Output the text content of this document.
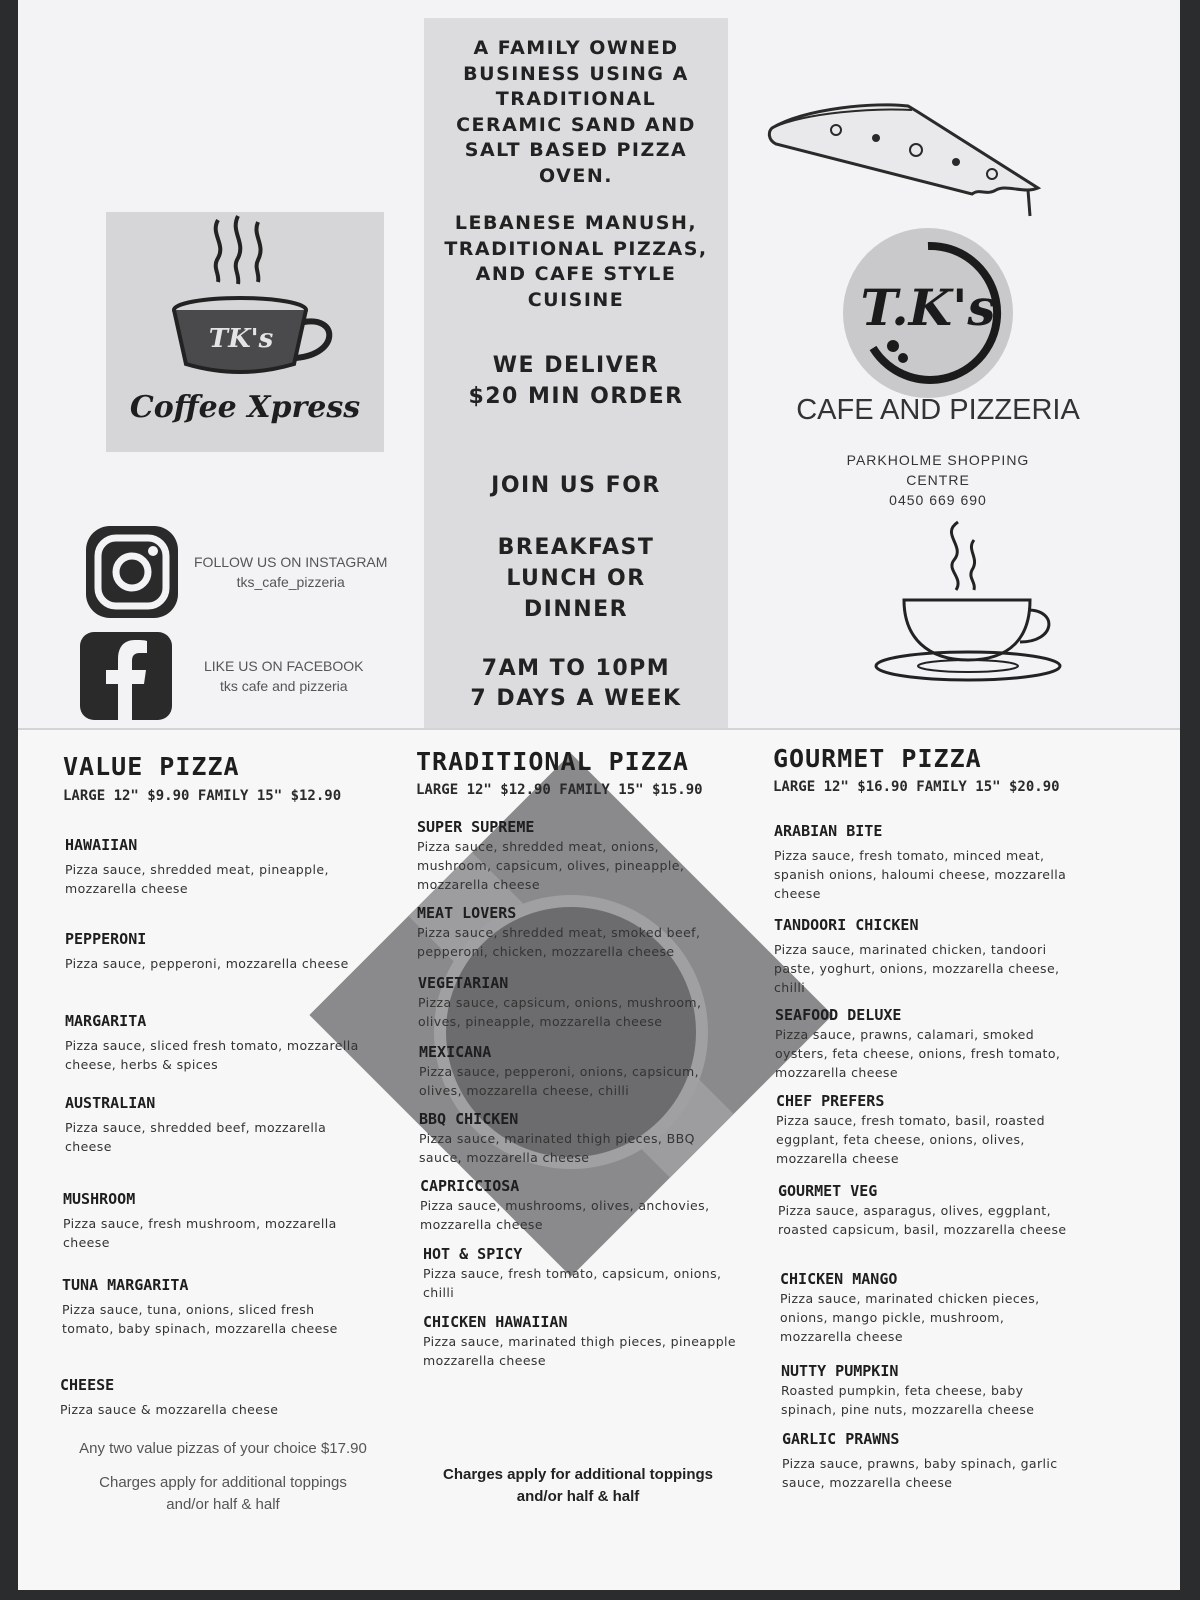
TK's
Coffee Xpress
FOLLOW US ON INSTAGRAM
tks_cafe_pizzeria
LIKE US ON FACEBOOK
tks cafe and pizzeria
A FAMILY OWNED
BUSINESS USING A
TRADITIONAL
CERAMIC SAND AND
SALT BASED PIZZA
OVEN.
LEBANESE MANUSH,
TRADITIONAL PIZZAS,
AND CAFE STYLE
CUISINE
WE DELIVER
$20 MIN ORDER
JOIN US FOR
BREAKFAST
LUNCH OR
DINNER
7AM TO 10PM
7 DAYS A WEEK
T.K's
CAFE AND PIZZERIA
PARKHOLME SHOPPING
CENTRE
0450 669 690
VALUE PIZZA
LARGE 12" $9.90 FAMILY 15" $12.90
HAWAIIAN
Pizza sauce, shredded meat, pineapple, mozzarella cheese
PEPPERONI
Pizza sauce, pepperoni, mozzarella cheese
MARGARITA
Pizza sauce, sliced fresh tomato, mozzarella cheese, herbs & spices
AUSTRALIAN
Pizza sauce, shredded beef, mozzarella cheese
MUSHROOM
Pizza sauce, fresh mushroom, mozzarella cheese
TUNA MARGARITA
Pizza sauce, tuna, onions, sliced fresh tomato, baby spinach, mozzarella cheese
CHEESE
Pizza sauce & mozzarella cheese
Any two value pizzas of your choice $17.90
Charges apply for additional toppings
and/or half & half
TRADITIONAL PIZZA
LARGE 12" $12.90 FAMILY 15" $15.90
SUPER SUPREME
Pizza sauce, shredded meat, onions, mushroom, capsicum, olives, pineapple, mozzarella cheese
MEAT LOVERS
Pizza sauce, shredded meat, smoked beef, pepperoni, chicken, mozzarella cheese
VEGETARIAN
Pizza sauce, capsicum, onions, mushroom, olives, pineapple, mozzarella cheese
MEXICANA
Pizza sauce, pepperoni, onions, capsicum, olives, mozzarella cheese, chilli
BBQ CHICKEN
Pizza sauce, marinated thigh pieces, BBQ sauce, mozzarella cheese
CAPRICCIOSA
Pizza sauce, mushrooms, olives, anchovies, mozzarella cheese
HOT & SPICY
Pizza sauce, fresh tomato, capsicum, onions, chilli
CHICKEN HAWAIIAN
Pizza sauce, marinated thigh pieces, pineapple mozzarella cheese
Charges apply for additional toppings
and/or half & half
GOURMET PIZZA
LARGE 12" $16.90 FAMILY 15" $20.90
ARABIAN BITE
Pizza sauce, fresh tomato, minced meat, spanish onions, haloumi cheese, mozzarella cheese
TANDOORI CHICKEN
Pizza sauce, marinated chicken, tandoori paste, yoghurt, onions, mozzarella cheese, chilli
SEAFOOD DELUXE
Pizza sauce, prawns, calamari, smoked oysters, feta cheese, onions, fresh tomato, mozzarella cheese
CHEF PREFERS
Pizza sauce, fresh tomato, basil, roasted eggplant, feta cheese, onions, olives, mozzarella cheese
GOURMET VEG
Pizza sauce, asparagus, olives, eggplant, roasted capsicum, basil, mozzarella cheese
CHICKEN MANGO
Pizza sauce, marinated chicken pieces, onions, mango pickle, mushroom, mozzarella cheese
NUTTY PUMPKIN
Roasted pumpkin, feta cheese, baby spinach, pine nuts, mozzarella cheese
GARLIC PRAWNS
Pizza sauce, prawns, baby spinach, garlic sauce, mozzarella cheese
